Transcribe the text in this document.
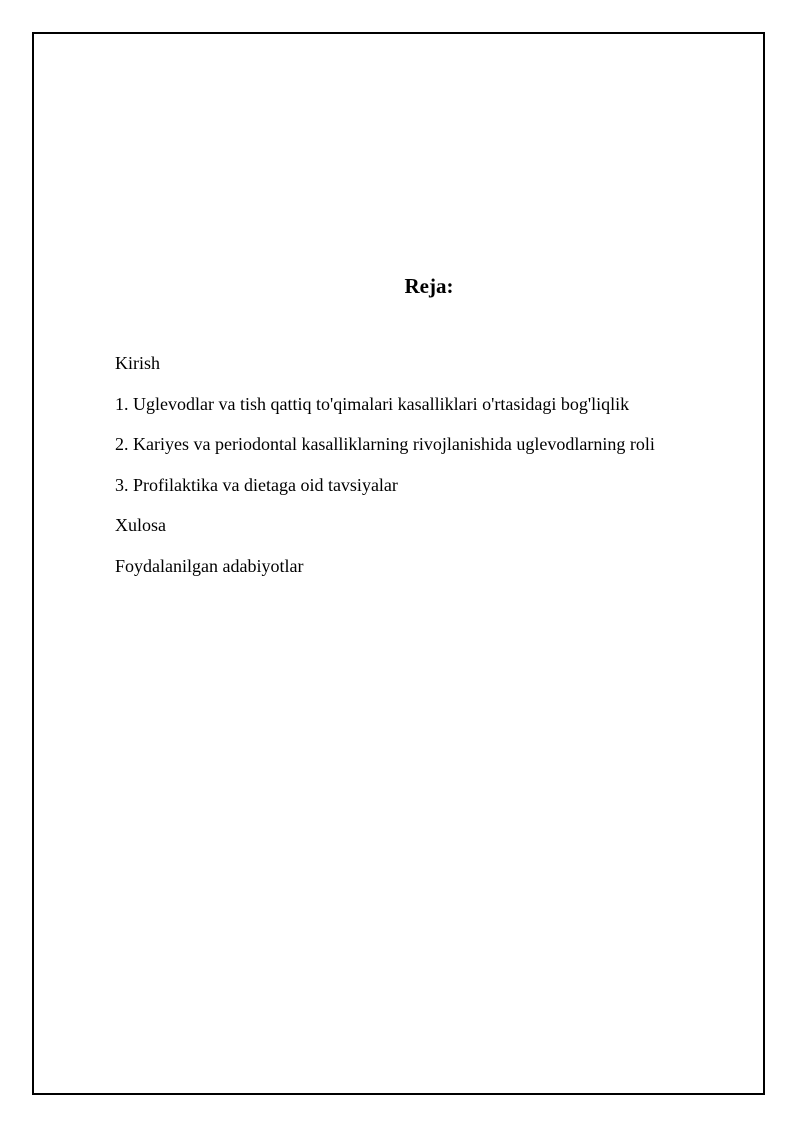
Reja:
Kirish
1. Uglevodlar va tish qattiq to'qimalari kasalliklari o'rtasidagi bog'liqlik
2. Kariyes va periodontal kasalliklarning rivojlanishida uglevodlarning roli
3. Profilaktika va dietaga oid tavsiyalar
Xulosa
Foydalanilgan adabiyotlar
